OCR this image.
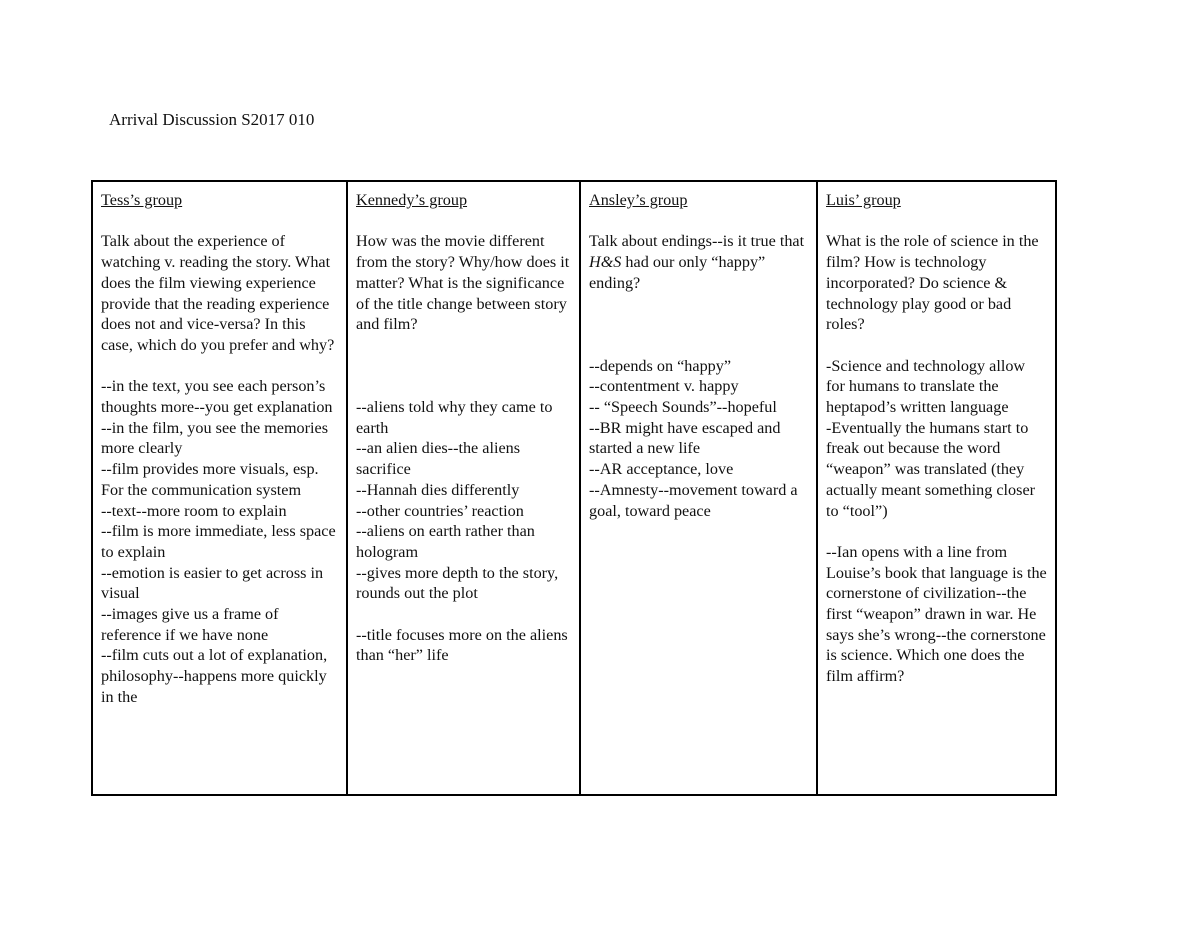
Arrival Discussion S2017 010
Tess’s group
Talk about the experience of watching v. reading the story. What does the film viewing experience provide that the reading experience does not and vice-versa? In this case, which do you prefer and why?
--in the text, you see each person’s thoughts more--you get explanation
--in the film, you see the memories more clearly
--film provides more visuals, esp. For the communication system
--text--more room to explain
--film is more immediate, less space to explain
--emotion is easier to get across in visual
--images give us a frame of reference if we have none
--film cuts out a lot of explanation, philosophy--happens more quickly in the
Kennedy’s group
How was the movie different from the story? Why/how does it matter? What is the significance of the title change between story and film?
--aliens told why they came to earth
--an alien dies--the aliens sacrifice
--Hannah dies differently
--other countries’ reaction
--aliens on earth rather than hologram
--gives more depth to the story, rounds out the plot
--title focuses more on the aliens than “her” life
Ansley’s group
Talk about endings--is it true that H&S had our only “happy” ending?
--depends on “happy”
--contentment v. happy
-- “Speech Sounds”--hopeful
--BR might have escaped and started a new life
--AR acceptance, love
--Amnesty--movement toward a goal, toward peace
Luis’ group
What is the role of science in the film? How is technology incorporated? Do science & technology play good or bad roles?
-Science and technology allow for humans to translate the heptapod’s written language
-Eventually the humans start to freak out because the word “weapon” was translated (they actually meant something closer to “tool”)
--Ian opens with a line from Louise’s book that language is the cornerstone of civilization--the first “weapon” drawn in war. He says she’s wrong--the cornerstone is science. Which one does the film affirm?
